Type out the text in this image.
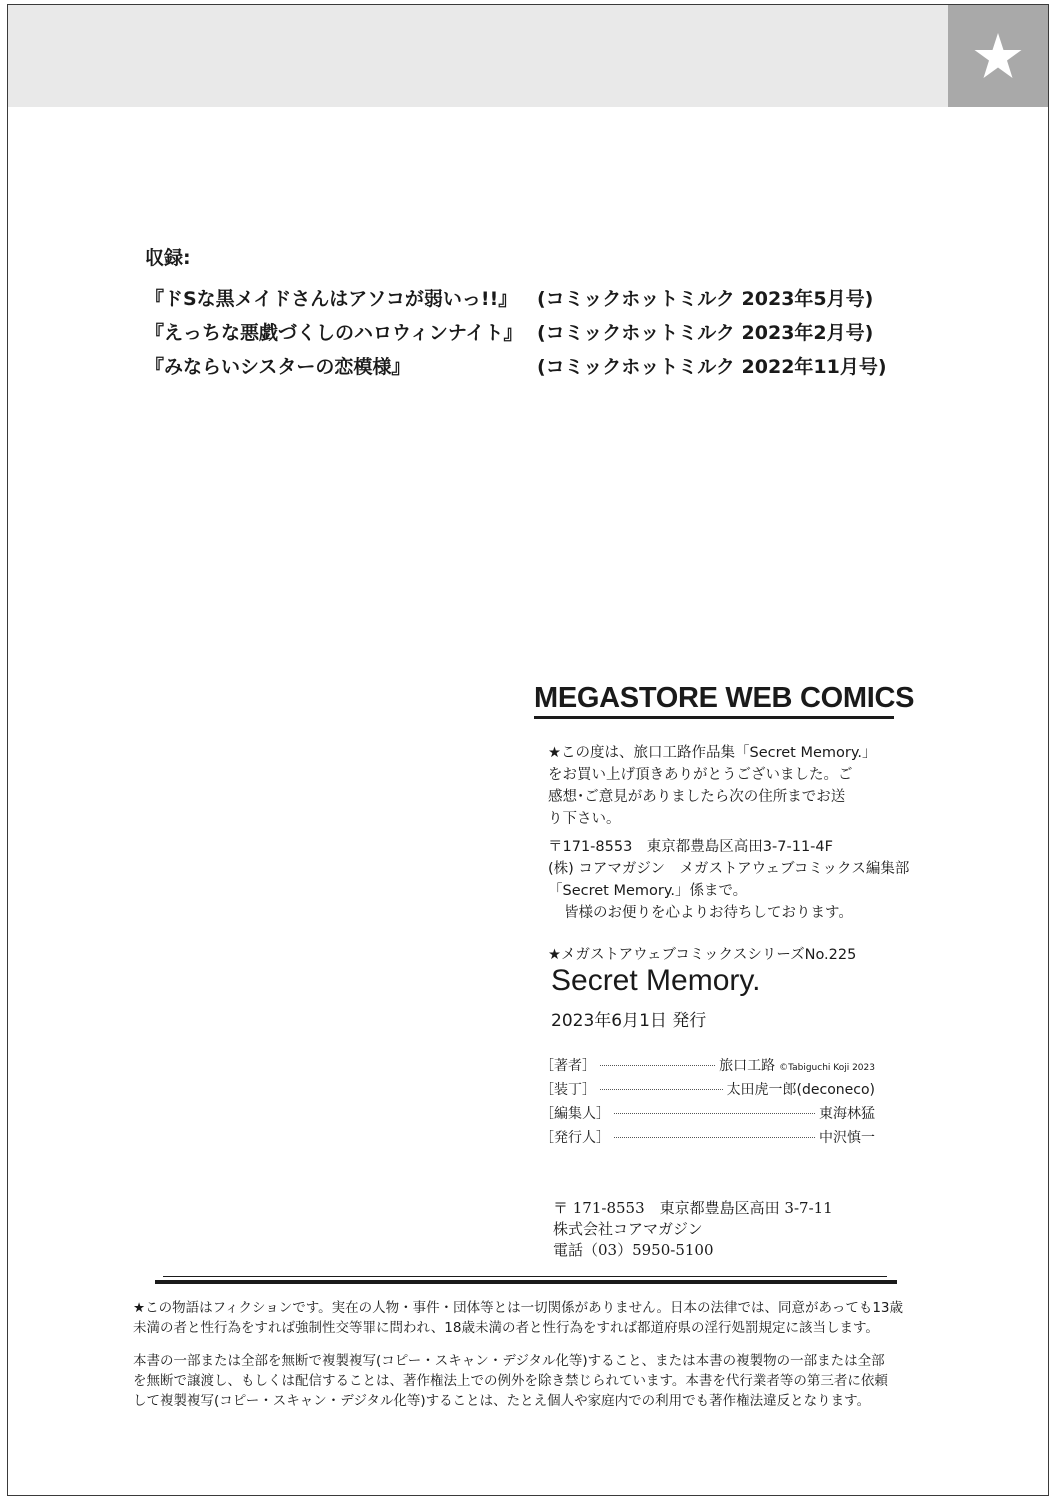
収録:
『ドSな黒メイドさんはアソコが弱いっ!!』 (コミックホットミルク 2023年5月号)
『えっちな悪戯づくしのハロウィンナイト』 (コミックホットミルク 2023年2月号)
『みならいシスターの恋模様』	(コミックホットミルク 2022年11月号)
MEGASTORE WEB COMICS

★この度は、旅口工路作品集「Secret Memory.」

をお買い上げ頂きありがとうございました。ご

感想･ご意見がありましたら次の住所までお送

り下さい。

〒171-8553　東京都豊島区高田3-7-11-4F

(株) コアマガジン　メガストアウェブコミックス編集部

「Secret Memory.」係まで。

皆様のお便りを心よりお待ちしております。

★メガストアウェブコミックスシリーズNo.225
Secret Memory.
2023年6月1日 発行
［著者］	旅口工路 ©Tabiguchi Koji 2023
［装丁］	太田虎一郎(deconeco)
［編集人］	東海林猛
［発行人］	中沢慎一

〒 171-8553　東京都豊島区高田 3-7-11

株式会社コアマガジン

電話（03）5950-5100

★この物語はフィクションです。実在の人物・事件・団体等とは一切関係がありません。日本の法律では、同意があっても13歳

未満の者と性行為をすれば強制性交等罪に問われ、18歳未満の者と性行為をすれば都道府県の淫行処罰規定に該当します。

本書の一部または全部を無断で複製複写(コピー・スキャン・デジタル化等)すること、または本書の複製物の一部または全部

を無断で譲渡し、もしくは配信することは、著作権法上での例外を除き禁じられています。本書を代行業者等の第三者に依頼

して複製複写(コピー・スキャン・デジタル化等)することは、たとえ個人や家庭内での利用でも著作権法違反となります。
